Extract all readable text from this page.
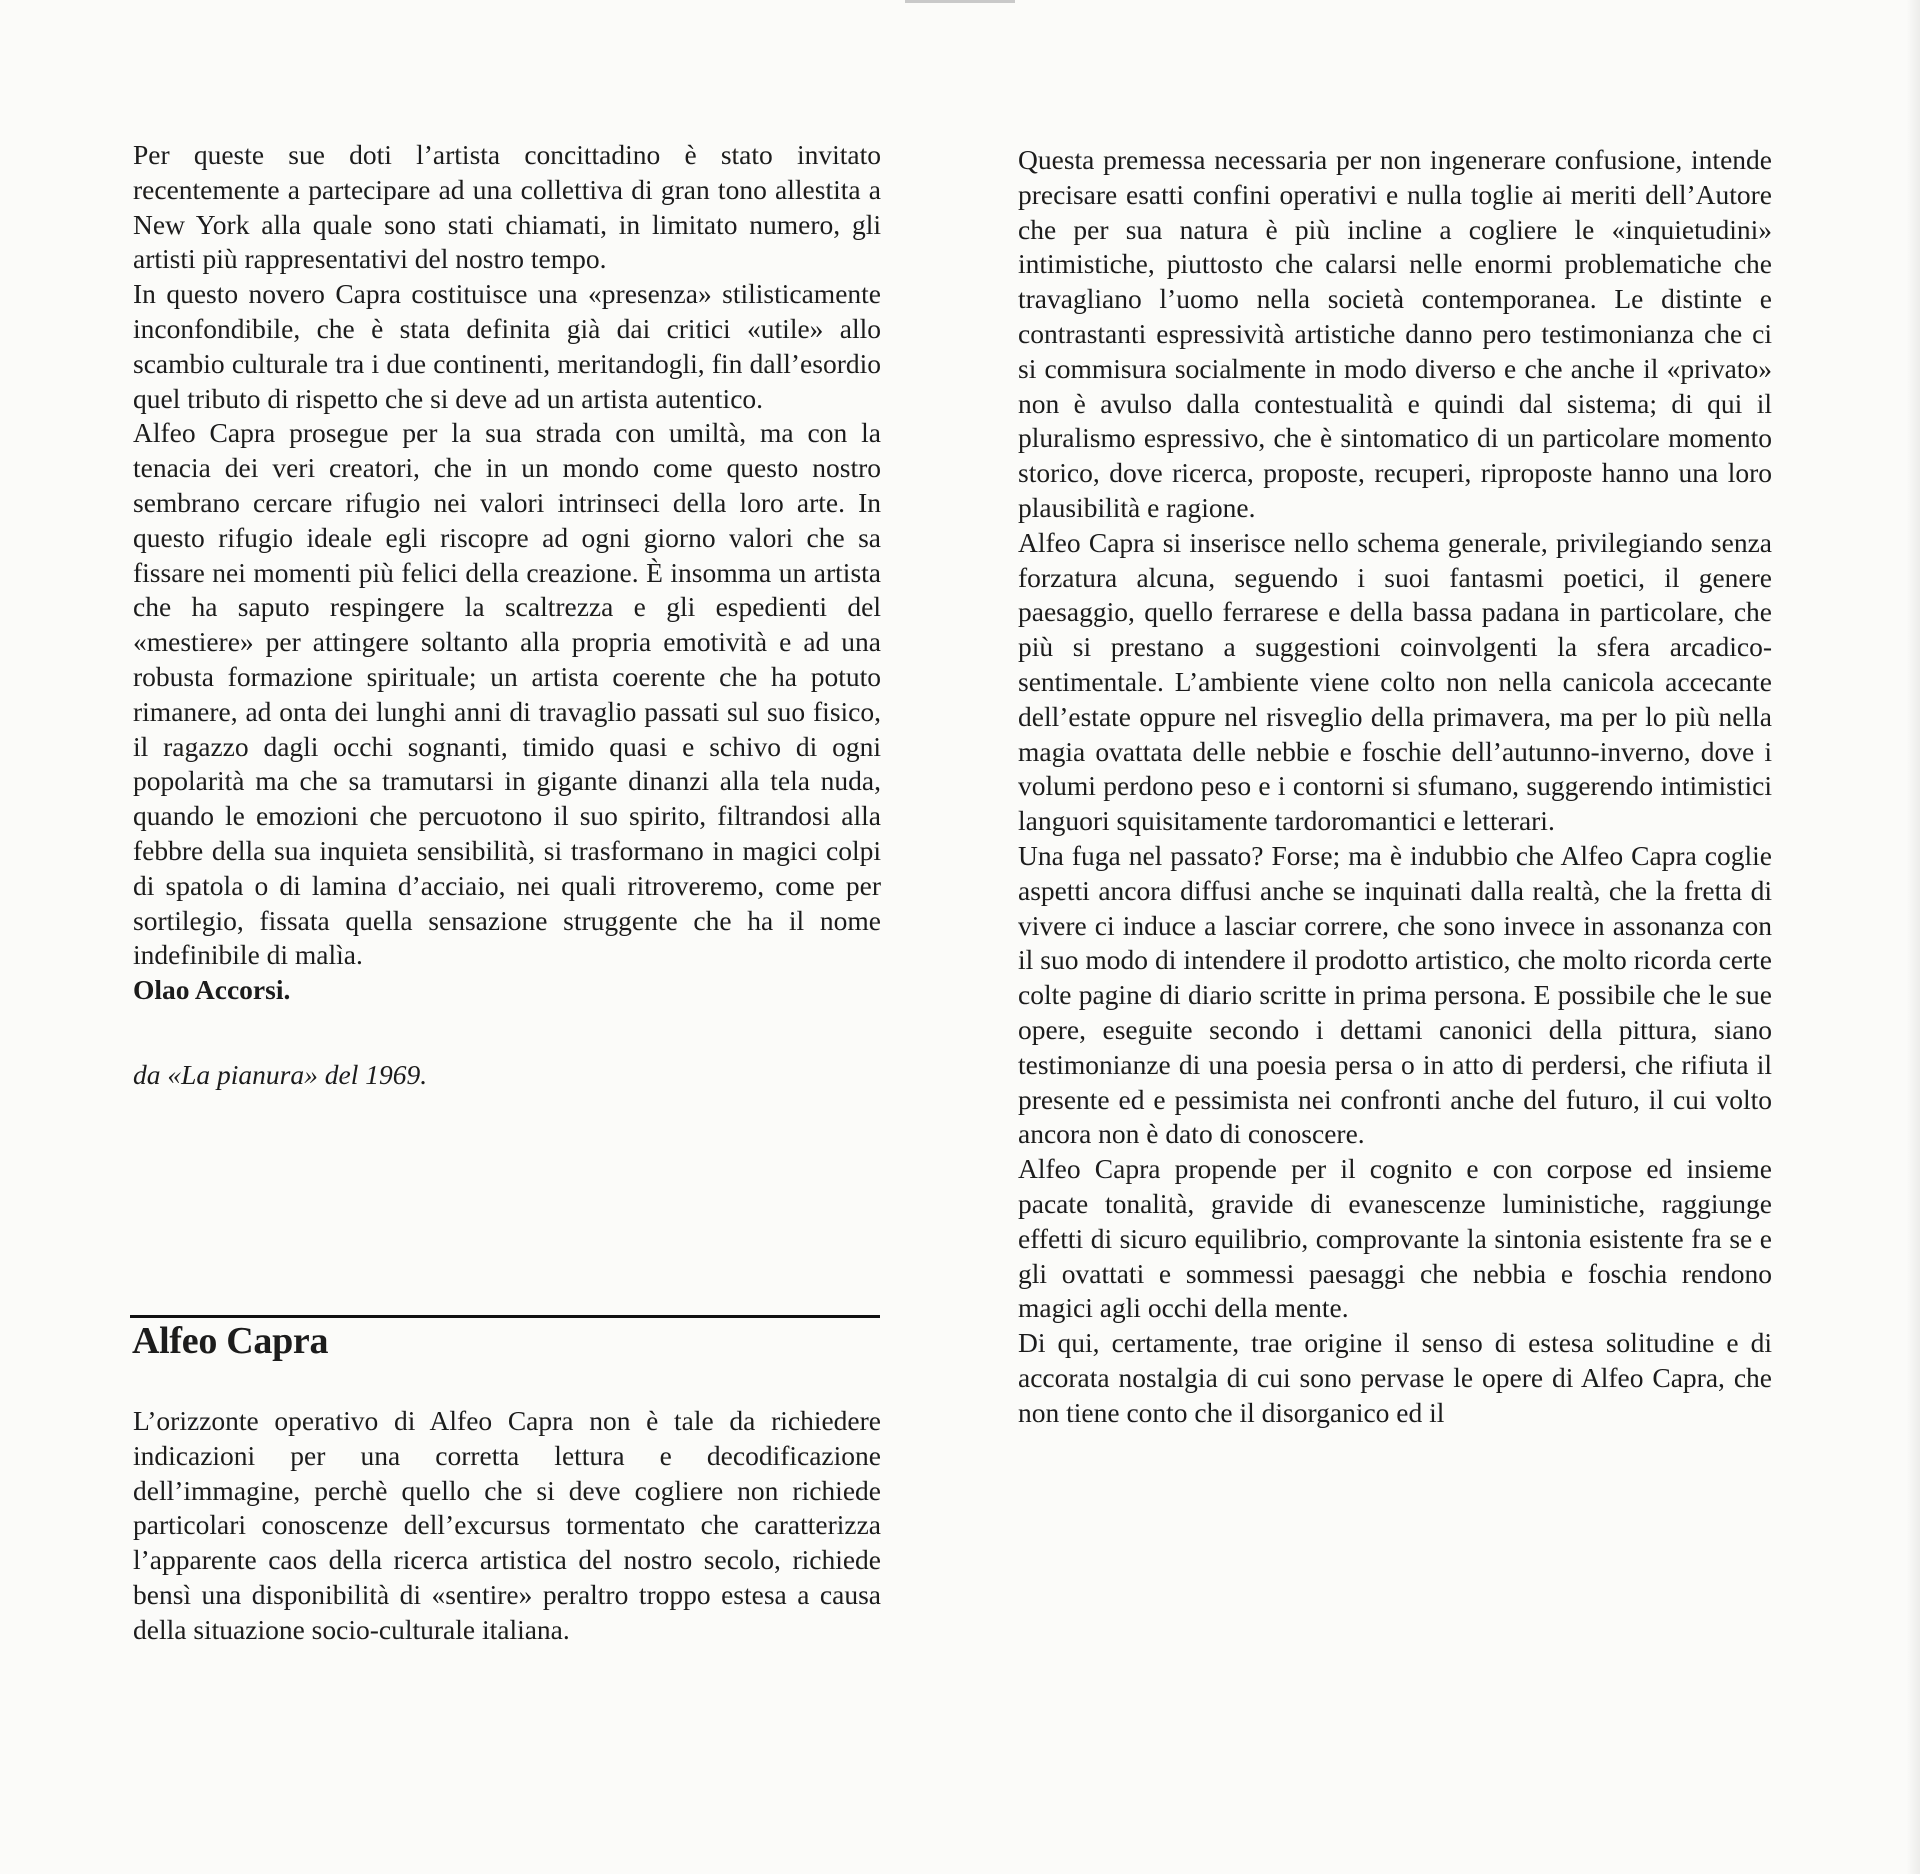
Per queste sue doti l’artista concittadino è stato invitato recentemente a partecipare ad una collettiva di gran tono allestita a New York alla quale sono stati chiamati, in limitato numero, gli artisti più rappresentativi del nostro tempo.

In questo novero Capra costituisce una «presenza» stilisticamente inconfondibile, che è stata definita già dai critici «utile» allo scambio culturale tra i due continenti, meritandogli, fin dall’esordio quel tributo di rispetto che si deve ad un artista autentico.

Alfeo Capra prosegue per la sua strada con umiltà, ma con la tenacia dei veri creatori, che in un mondo come questo nostro sembrano cercare rifugio nei valori intrinseci della loro arte. In questo rifugio ideale egli riscopre ad ogni giorno valori che sa fissare nei momenti più felici della creazione. È insomma un artista che ha saputo respingere la scaltrezza e gli espedienti del «mestiere» per attingere soltanto alla propria emotività e ad una robusta formazione spirituale; un artista coerente che ha potuto rimanere, ad onta dei lunghi anni di travaglio passati sul suo fisico, il ragazzo dagli occhi sognanti, timido quasi e schivo di ogni popolarità ma che sa tramutarsi in gigante dinanzi alla tela nuda, quando le emozioni che percuotono il suo spirito, filtrandosi alla febbre della sua inquieta sensibilità, si trasformano in magici colpi di spatola o di lamina d’acciaio, nei quali ritroveremo, come per sortilegio, fissata quella sensazione struggente che ha il nome indefinibile di malìa.

Olao Accorsi.

da «La pianura» del 1969.

Alfeo Capra

L’orizzonte operativo di Alfeo Capra non è tale da richiedere indicazioni per una corretta lettura e decodificazione dell’immagine, perchè quello che si deve cogliere non richiede particolari conoscenze dell’excursus tormentato che caratterizza l’apparente caos della ricerca artistica del nostro secolo, richiede bensì una disponibilità di «sentire» peraltro troppo estesa a causa della situazione socio-culturale italiana.

Questa premessa necessaria per non ingenerare confusione, intende precisare esatti confini operativi e nulla toglie ai meriti dell’Autore che per sua natura è più incline a cogliere le «inquietudini» intimistiche, piuttosto che calarsi nelle enormi problematiche che travagliano l’uomo nella società contemporanea. Le distinte e contrastanti espressività artistiche danno pero testimonianza che ci si commisura socialmente in modo diverso e che anche il «privato» non è avulso dalla contestualità e quindi dal sistema; di qui il pluralismo espressivo, che è sintomatico di un particolare momento storico, dove ricerca, proposte, recuperi, riproposte hanno una loro plausibilità e ragione.

Alfeo Capra si inserisce nello schema generale, privilegiando senza forzatura alcuna, seguendo i suoi fantasmi poetici, il genere paesaggio, quello ferrarese e della bassa padana in particolare, che più si prestano a suggestioni coinvolgenti la sfera arcadico-sentimentale. L’ambiente viene colto non nella canicola accecante dell’estate oppure nel risveglio della primavera, ma per lo più nella magia ovattata delle nebbie e foschie dell’autunno-inverno, dove i volumi perdono peso e i contorni si sfumano, suggerendo intimistici languori squisitamente tardoromantici e letterari.

Una fuga nel passato? Forse; ma è indubbio che Alfeo Capra coglie aspetti ancora diffusi anche se inquinati dalla realtà, che la fretta di vivere ci induce a lasciar correre, che sono invece in assonanza con il suo modo di intendere il prodotto artistico, che molto ricorda certe colte pagine di diario scritte in prima persona. E possibile che le sue opere, eseguite secondo i dettami canonici della pittura, siano testimonianze di una poesia persa o in atto di perdersi, che rifiuta il presente ed e pessimista nei confronti anche del futuro, il cui volto ancora non è dato di conoscere.

Alfeo Capra propende per il cognito e con corpose ed insieme pacate tonalità, gravide di evanescenze luministiche, raggiunge effetti di sicuro equilibrio, comprovante la sintonia esistente fra se e gli ovattati e sommessi paesaggi che nebbia e foschia rendono magici agli occhi della mente.

Di qui, certamente, trae origine il senso di estesa solitudine e di accorata nostalgia di cui sono pervase le opere di Alfeo Capra, che non tiene conto che il disorganico ed il
